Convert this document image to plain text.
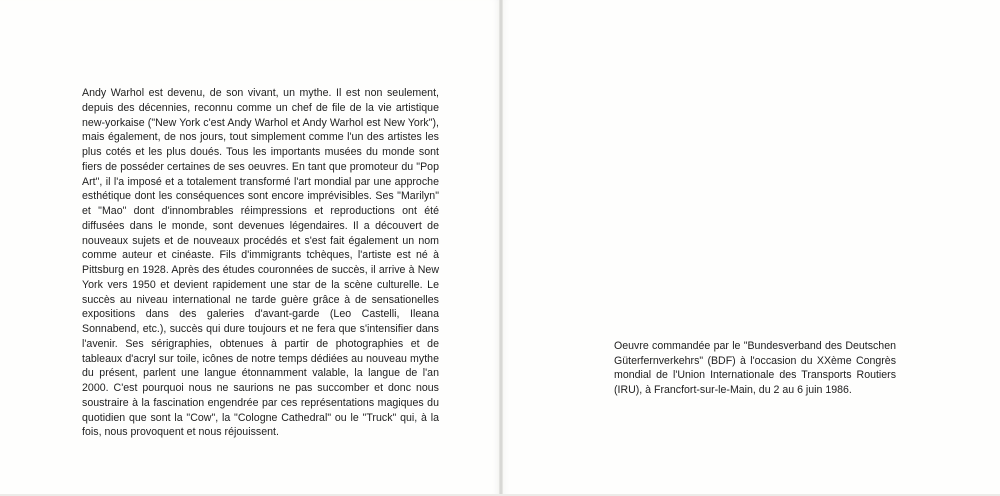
Andy Warhol est devenu, de son vivant, un mythe. Il est non seulement, depuis des décennies, reconnu comme un chef de file de la vie artistique new-yorkaise ("New York c'est Andy Warhol et Andy Warhol est New York"), mais également, de nos jours, tout simplement comme l'un des artistes les plus cotés et les plus doués. Tous les importants musées du monde sont fiers de posséder certaines de ses oeuvres. En tant que promoteur du "Pop Art", il l'a imposé et a totalement transformé l'art mondial par une approche esthétique dont les conséquences sont encore imprévisibles. Ses "Marilyn" et "Mao" dont d'innombrables réimpressions et reproductions ont été diffusées dans le monde, sont devenues légendaires. Il a découvert de nouveaux sujets et de nouveaux procédés et s'est fait également un nom comme auteur et cinéaste. Fils d'immigrants tchèques, l'artiste est né à Pittsburg en 1928. Après des études couronnées de succès, il arrive à New York vers 1950 et devient rapidement une star de la scène culturelle. Le succès au niveau international ne tarde guère grâce à de sensationelles expositions dans des galeries d'avant-garde (Leo Castelli, Ileana Sonnabend, etc.), succès qui dure toujours et ne fera que s'intensifier dans l'avenir. Ses sérigraphies, obtenues à partir de photographies et de tableaux d'acryl sur toile, icônes de notre temps dédiées au nouveau mythe du présent, parlent une langue étonnamment valable, la langue de l'an 2000. C'est pourquoi nous ne saurions ne pas succomber et donc nous soustraire à la fascination engendrée par ces représentations magiques du quotidien que sont la "Cow", la "Cologne Cathedral" ou le "Truck" qui, à la fois, nous provoquent et nous réjouissent.

Oeuvre commandée par le "Bundesverband des Deutschen Güterfernverkehrs" (BDF) à l'occasion du XXème Congrès mondial de l'Union Internationale des Transports Routiers (IRU), à Francfort-sur-le-Main, du 2 au 6 juin 1986.
